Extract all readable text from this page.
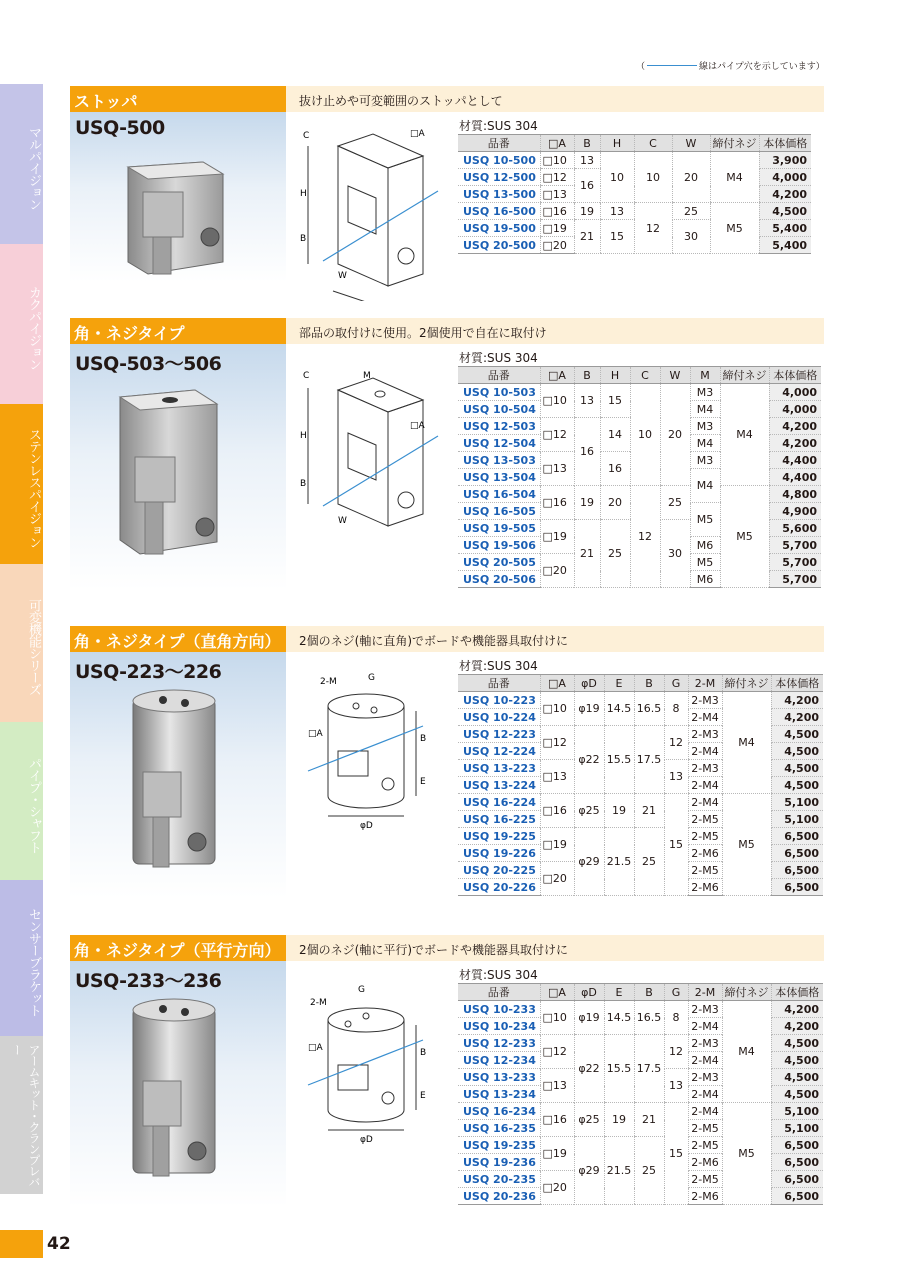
（	線はパイプ穴を示しています）
マルパイジョン
カクパイジョン
ステンレスパイジョン
可変機能シリーズ
パイプ・シャフト
センサーブラケット
アームキット・クランプレバー
ストッパ	抜け止めや可変範囲のストッパとして
USQ-500	C
H
B
W
□A
材質:SUS 304
品番	□A	B	H	C	W	締付ネジ	本体価格
USQ 10-500	□10	13	10	10	20	M4	3,900
USQ 12-500	□12	16					4,000
USQ 13-500	□13						4,200
USQ 16-500	□16	19	13	12	25	M5	4,500
USQ 19-500	□19	21	15		30		5,400
USQ 20-500	□20						5,400
角・ネジタイプ	部品の取付けに使用。2個使用で自在に取付け
USQ-503〜506
C	M
H
B
W
□A
材質:SUS 304
品番	□A	B	H	C	W	M	締付ネジ	本体価格
USQ 10-503	□10	13	15	10	20	M3	M4	4,000
USQ 10-504						M4		4,000
USQ 12-503	□12	16	14			M3		4,200
USQ 12-504						M4		4,200
USQ 13-503	□13		16			M3		4,400
USQ 13-504						M4		4,400
USQ 16-504	□16	19	20	12	25		M5	4,800
USQ 16-505						M5		4,900
USQ 19-505	□19	21	25		30			5,600
USQ 19-506						M6		5,700
USQ 20-505	□20					M5		5,700
USQ 20-506						M6		5,700
角・ネジタイプ（直角方向）	2個のネジ(軸に直角)でボードや機能器具取付けに
USQ-223〜226	2-M	G
□A	B
E
φD
材質:SUS 304
品番	□A	φD	E	B	G	2-M	締付ネジ	本体価格
USQ 10-223	□10	φ19	14.5	16.5	8	2-M3	M4	4,200
USQ 10-224						2-M4		4,200
USQ 12-223	□12	φ22	15.5	17.5	12	2-M3		4,500
USQ 12-224						2-M4		4,500
USQ 13-223	□13				13	2-M3		4,500
USQ 13-224						2-M4		4,500
USQ 16-224	□16	φ25	19	21	15	2-M4	M5	5,100
USQ 16-225						2-M5		5,100
USQ 19-225	□19	φ29	21.5	25		2-M5		6,500
USQ 19-226						2-M6		6,500
USQ 20-225	□20					2-M5		6,500
USQ 20-226						2-M6		6,500
角・ネジタイプ（平行方向）	2個のネジ(軸に平行)でボードや機能器具取付けに
USQ-233〜236
2-M
G
□A	B
E
φD
材質:SUS 304
品番	□A	φD	E	B	G	2-M	締付ネジ	本体価格
USQ 10-233	□10	φ19	14.5	16.5	8	2-M3	M4	4,200
USQ 10-234						2-M4		4,200
USQ 12-233	□12	φ22	15.5	17.5	12	2-M3		4,500
USQ 12-234						2-M4		4,500
USQ 13-233	□13				13	2-M3		4,500
USQ 13-234						2-M4		4,500
USQ 16-234	□16	φ25	19	21	15	2-M4	M5	5,100
USQ 16-235						2-M5		5,100
USQ 19-235	□19	φ29	21.5	25		2-M5		6,500
USQ 19-236						2-M6		6,500
USQ 20-235	□20					2-M5		6,500
USQ 20-236						2-M6		6,500
42
